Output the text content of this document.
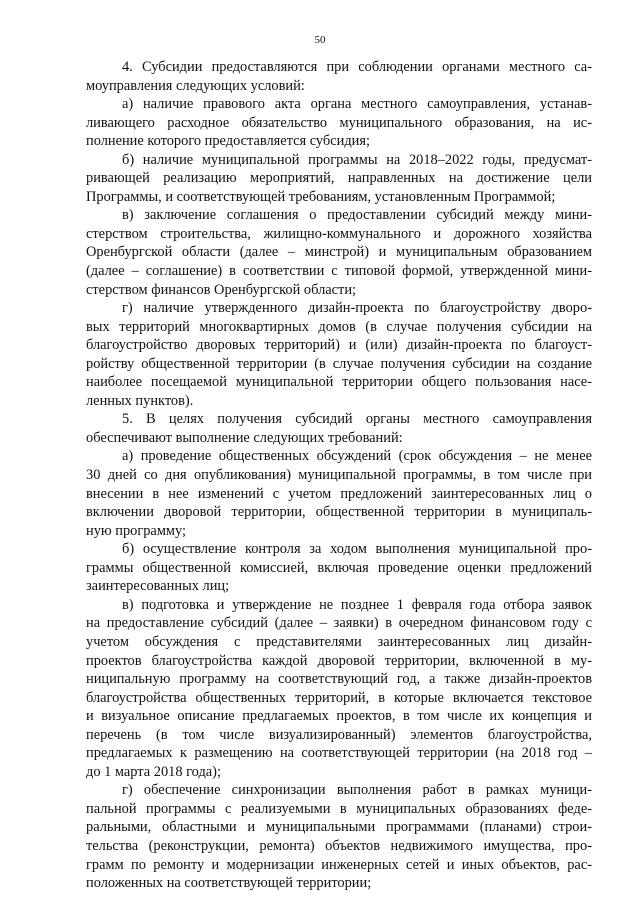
50
4. Субсидии предоставляются при соблюдении органами местного са-
моуправления следующих условий:
а) наличие правового акта органа местного самоуправления, устанав-
ливающего расходное обязательство муниципального образования, на ис-
полнение которого предоставляется субсидия;
б) наличие муниципальной программы на 2018–2022 годы, предусмат-
ривающей реализацию мероприятий, направленных на достижение цели
Программы, и соответствующей требованиям, установленным Программой;
в) заключение соглашения о предоставлении субсидий между мини-
стерством строительства, жилищно-коммунального и дорожного хозяйства
Оренбургской области (далее – минстрой) и муниципальным образованием
(далее – соглашение) в соответствии с типовой формой, утвержденной мини-
стерством финансов Оренбургской области;
г) наличие утвержденного дизайн-проекта по благоустройству дворо-
вых территорий многоквартирных домов (в случае получения субсидии на
благоустройство дворовых территорий) и (или) дизайн-проекта по благоуст-
ройству общественной территории (в случае получения субсидии на создание
наиболее посещаемой муниципальной территории общего пользования насе-
ленных пунктов).
5. В целях получения субсидий органы местного самоуправления
обеспечивают выполнение следующих требований:
а) проведение общественных обсуждений (срок обсуждения – не менее
30 дней со дня опубликования) муниципальной программы, в том числе при
внесении в нее изменений с учетом предложений заинтересованных лиц о
включении дворовой территории, общественной территории в муниципаль-
ную программу;
б) осуществление контроля за ходом выполнения муниципальной про-
граммы общественной комиссией, включая проведение оценки предложений
заинтересованных лиц;
в) подготовка и утверждение не позднее 1 февраля года отбора заявок
на предоставление субсидий (далее – заявки) в очередном финансовом году с
учетом обсуждения с представителями заинтересованных лиц дизайн-
проектов благоустройства каждой дворовой территории, включенной в му-
ниципальную программу на соответствующий год, а также дизайн-проектов
благоустройства общественных территорий, в которые включается текстовое
и визуальное описание предлагаемых проектов, в том числе их концепция и
перечень (в том числе визуализированный) элементов благоустройства,
предлагаемых к размещению на соответствующей территории (на 2018 год –
до 1 марта 2018 года);
г) обеспечение синхронизации выполнения работ в рамках муници-
пальной программы с реализуемыми в муниципальных образованиях феде-
ральными, областными и муниципальными программами (планами) строи-
тельства (реконструкции, ремонта) объектов недвижимого имущества, про-
грамм по ремонту и модернизации инженерных сетей и иных объектов, рас-
положенных на соответствующей территории;
